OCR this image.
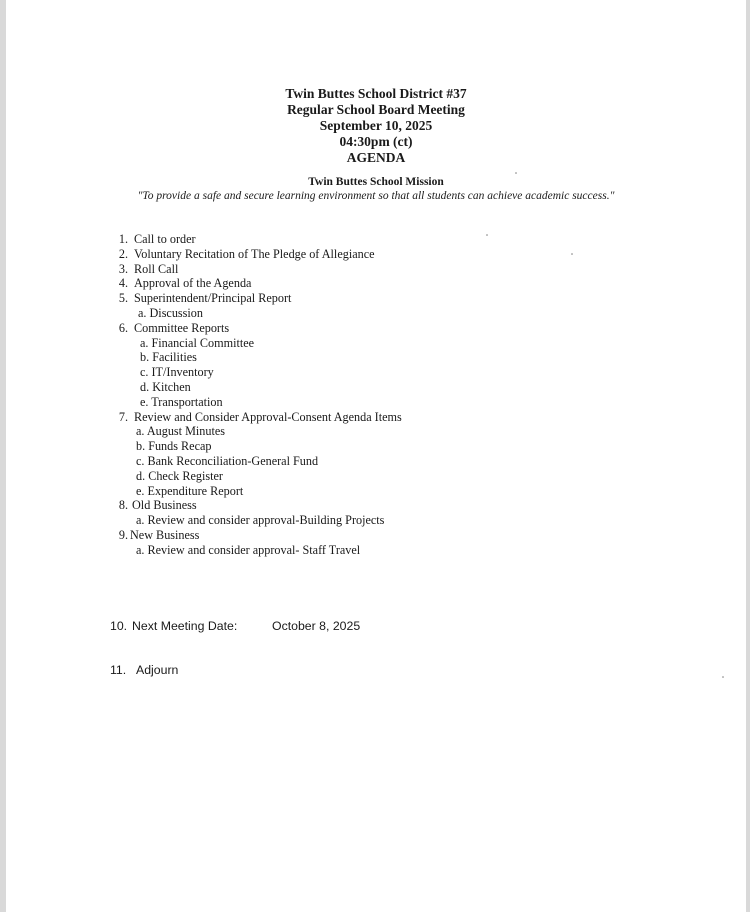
Twin Buttes School District #37
Regular School Board Meeting
September 10, 2025
04:30pm (ct)
AGENDA
Twin Buttes School Mission
"To provide a safe and secure learning environment so that all students can achieve academic success."
1. Call to order
2. Voluntary Recitation of The Pledge of Allegiance
3. Roll Call
4. Approval of the Agenda
5. Superintendent/Principal Report
a. Discussion
6. Committee Reports
a. Financial Committee
b. Facilities
c. IT/Inventory
d. Kitchen
e. Transportation
7. Review and Consider Approval-Consent Agenda Items
a. August Minutes
b. Funds Recap
c. Bank Reconciliation-General Fund
d. Check Register
e. Expenditure Report
8. Old Business
a. Review and consider approval-Building Projects
9. New Business
a. Review and consider approval- Staff Travel
10. Next Meeting Date:	October 8, 2025
11. Adjourn
